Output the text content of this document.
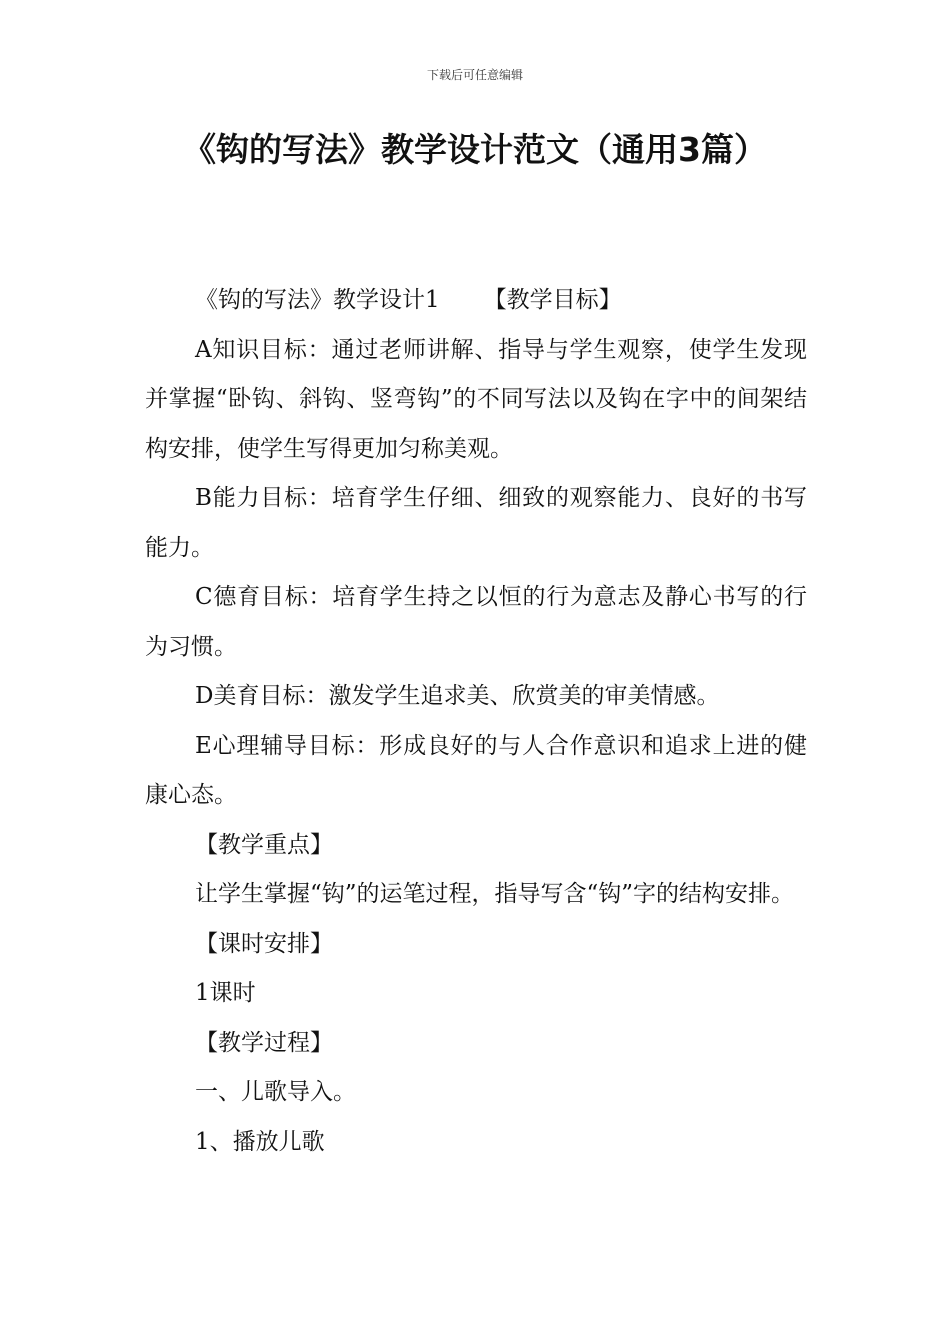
下载后可任意编辑
《钩的写法》教学设计范文（通用3篇）

《钩的写法》教学设计1 【教学目标】

A知识目标：通过老师讲解、指导与学生观察，使学生发现并掌握“卧钩、斜钩、竖弯钩”的不同写法以及钩在字中的间架结构安排，使学生写得更加匀称美观。

B能力目标：培育学生仔细、细致的观察能力、良好的书写能力。

C德育目标：培育学生持之以恒的行为意志及静心书写的行为习惯。

D美育目标：激发学生追求美、欣赏美的审美情感。

E心理辅导目标：形成良好的与人合作意识和追求上进的健康心态。

【教学重点】

让学生掌握“钩”的运笔过程，指导写含“钩”字的结构安排。

【课时安排】

1课时

【教学过程】

一、儿歌导入。

1、播放儿歌
